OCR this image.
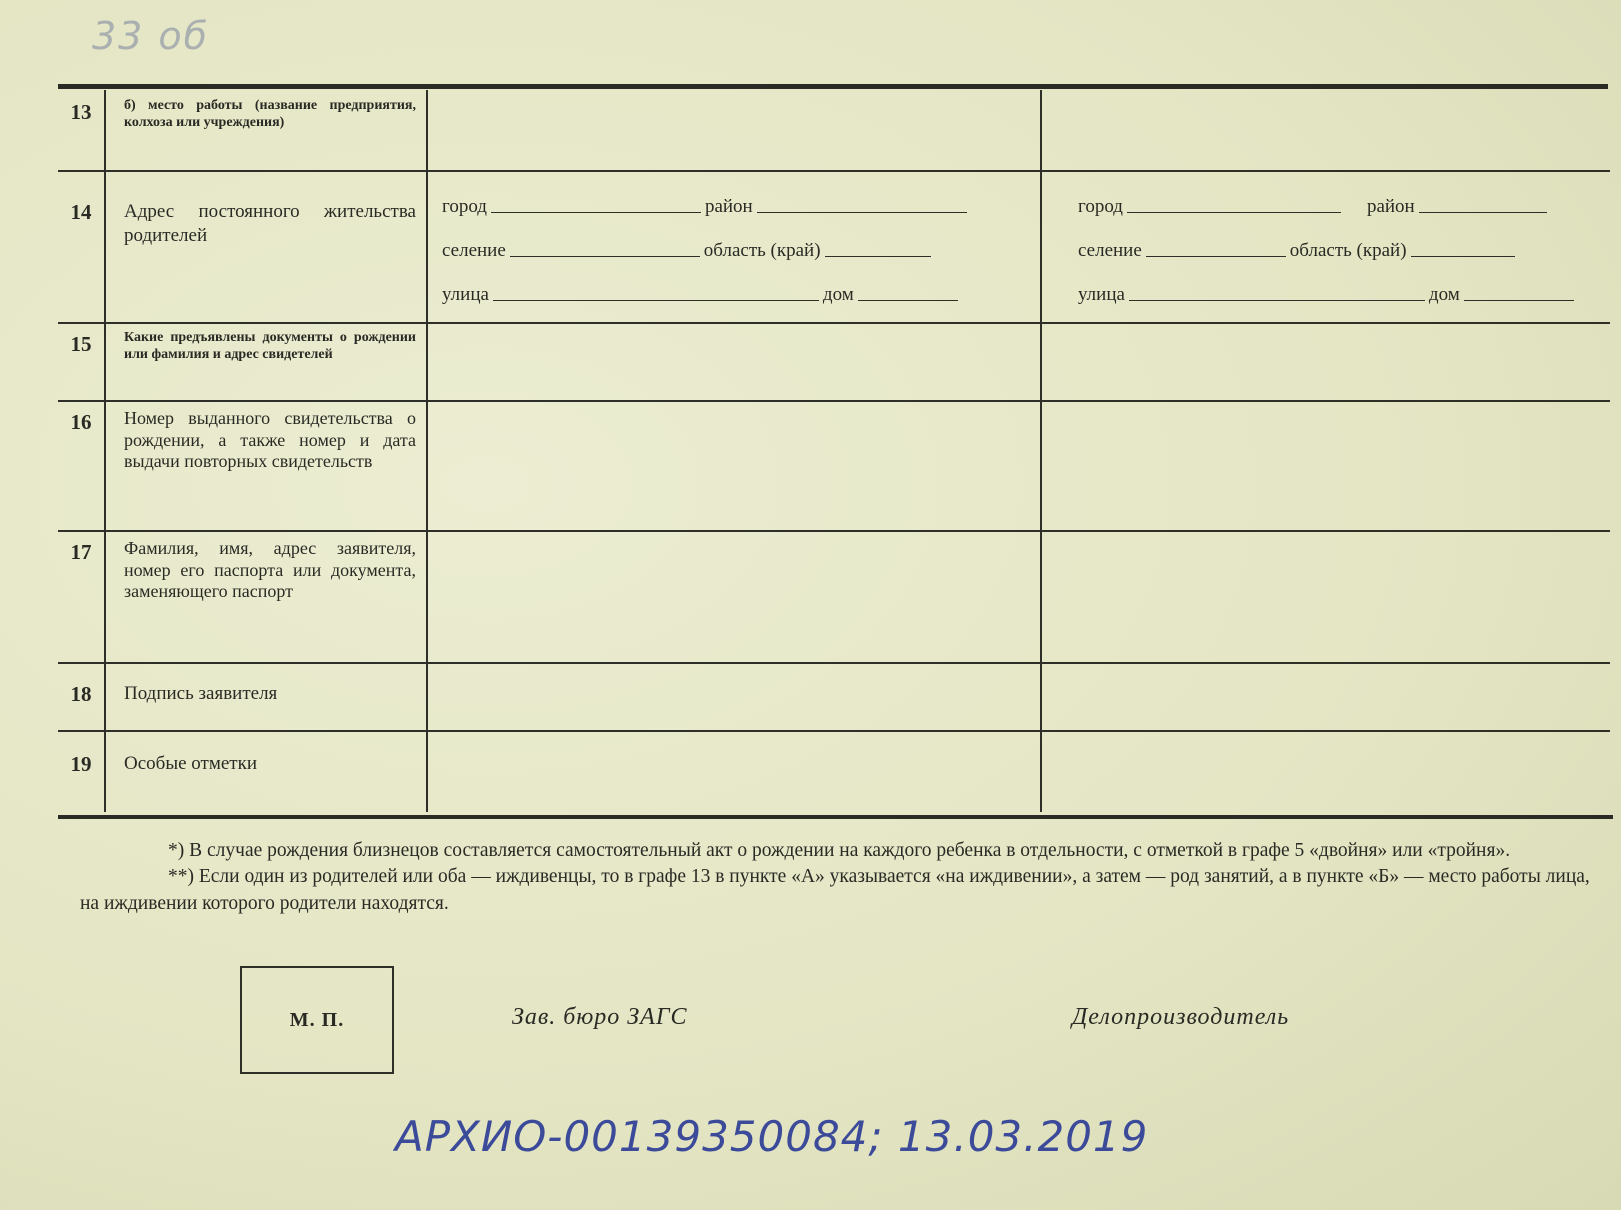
33 об
13	б) место работы (название предприятия, колхоза или учреждения)
14	Адрес постоянного жительства родителей
город	район
селение	область (край)
улица	дом
город	район
селение	область (край)
улица	дом
15	Какие предъявлены документы о рождении или фамилия и адрес свидетелей
16	Номер выданного свидетельства о рождении, а также номер и дата выдачи повторных свидетельств
17	Фамилия, имя, адрес заявителя, номер его паспорта или документа, заменяющего паспорт
18	Подпись заявителя
19	Особые отметки

*) В случае рождения близнецов составляется самостоятельный акт о рождении на каждого ребенка в отдельности, с отметкой в графе 5 «двойня» или «тройня».

**) Если один из родителей или оба — иждивенцы, то в графе 13 в пункте «А» указывается «на иждивении», а затем — род занятий, а в пункте «Б» — место работы лица, на иждивении которого родители находятся.

М. П.	Зав. бюро ЗАГС	Делопроизводитель
АРХИО-00139350084; 13.03.2019
